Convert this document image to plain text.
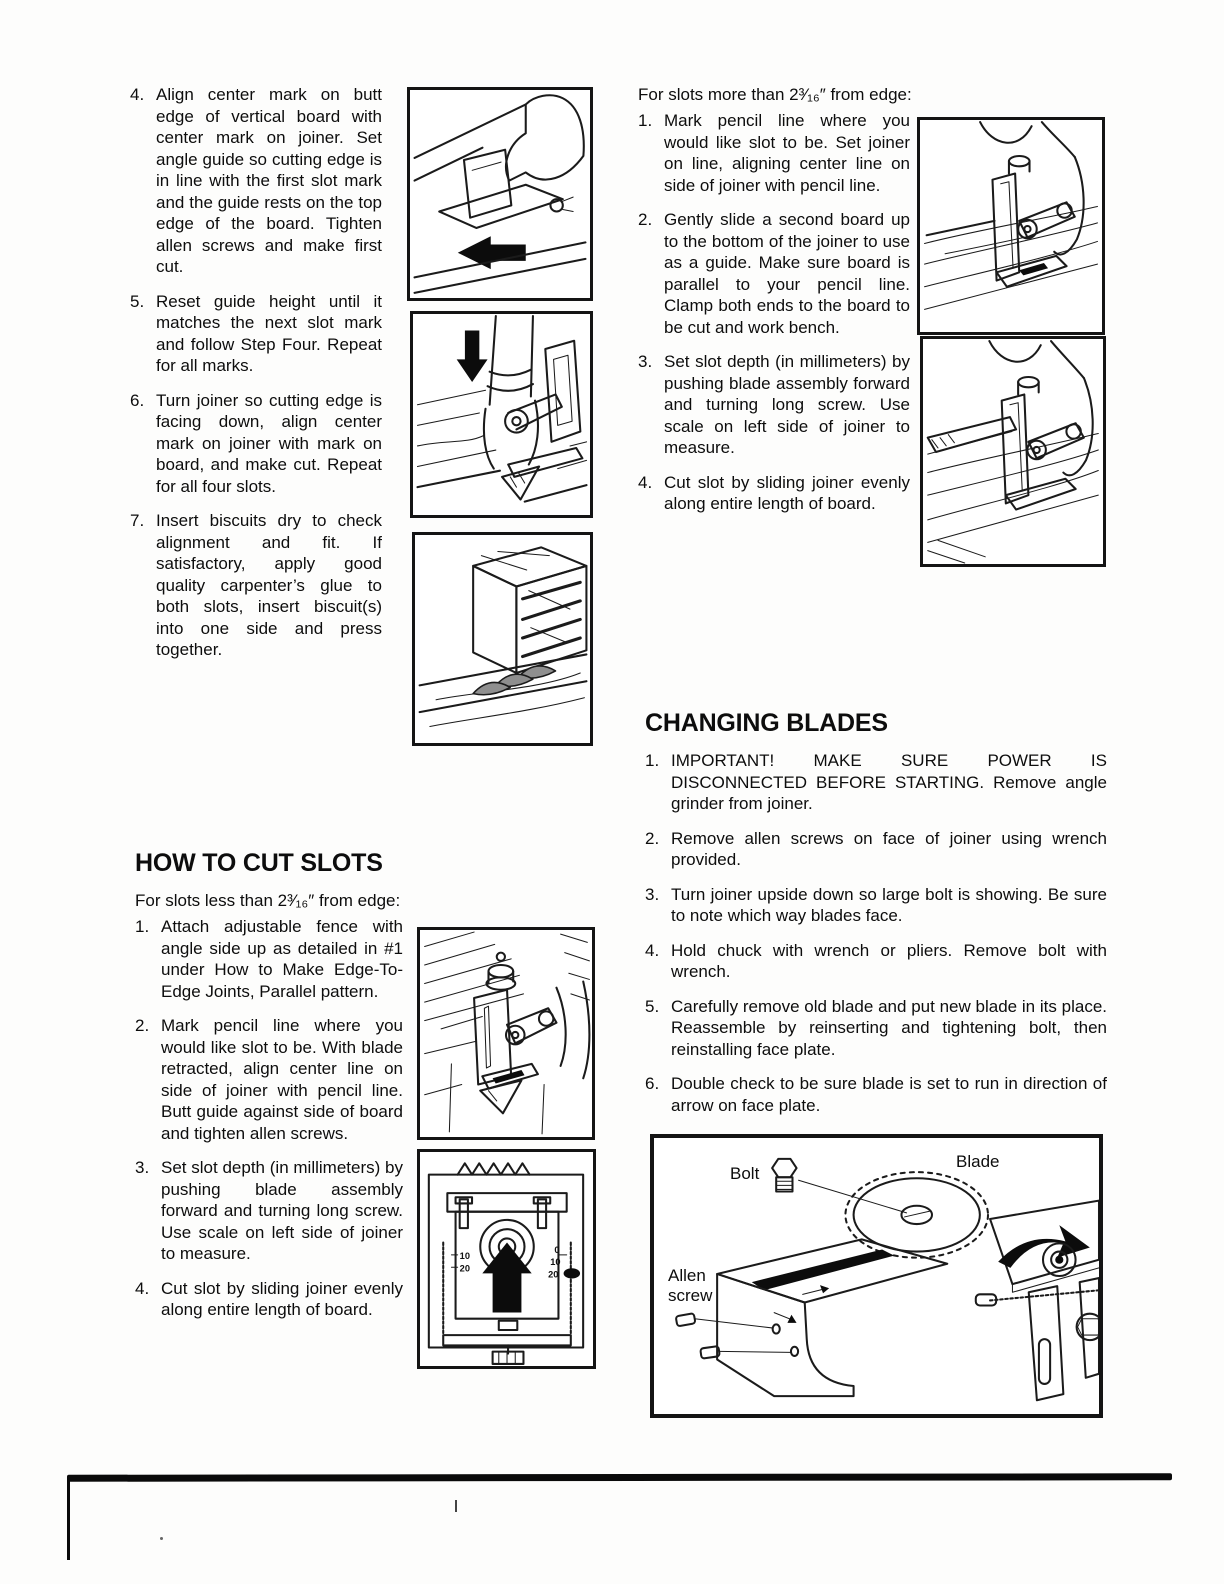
4. Align center mark on butt edge of vertical board with center mark on joiner. Set angle guide so cutting edge is in line with the first slot mark and the guide rests on the top edge of the board. Tighten allen screws and make first cut.
5. Reset guide height until it matches the next slot mark and follow Step Four. Repeat for all marks.
6. Turn joiner so cutting edge is facing down, align center mark on joiner with mark on board, and make cut. Repeat for all four slots.
7. Insert biscuits dry to check alignment and fit. If satisfactory, apply good quality carpenter’s glue to both slots, insert biscuit(s) into one side and press together.

For slots more than 2³⁄₁₆″ from edge:

1. Mark pencil line where you would like slot to be. Set joiner on line, aligning center line on side of joiner with pencil line.
2. Gently slide a second board up to the bottom of the joiner to use as a guide. Make sure board is parallel to your pencil line. Clamp both ends to the board to be cut and work bench.
3. Set slot depth (in millimeters) by pushing blade assembly forward and turning long screw. Use scale on left side of joiner to measure.
4. Cut slot by sliding joiner evenly along entire length of board.
CHANGING BLADES
1. IMPORTANT! MAKE SURE POWER IS DISCONNECTED BEFORE STARTING. Remove angle grinder from joiner.
2. Remove allen screws on face of joiner using wrench provided.
3. Turn joiner upside down so large bolt is showing. Be sure to note which way blades face.
4. Hold chuck with wrench or pliers. Remove bolt with wrench.
5. Carefully remove old blade and put new blade in its place. Reassemble by reinserting and tightening bolt, then reinstalling face plate.
6. Double check to be sure blade is set to run in direction of arrow on face plate.
HOW TO CUT SLOTS

For slots less than 2³⁄₁₆″ from edge:

1. Attach adjustable fence with angle side up as detailed in #1 under How to Make Edge-To-Edge Joints, Parallel pattern.
2. Mark pencil line where you would like slot to be. With blade retracted, align center line on side of joiner with pencil line. Butt guide against side of board and tighten allen screws.
3. Set slot depth (in millimeters) by pushing blade assembly forward and turning long screw. Use scale on left side of joiner to measure.
4. Cut slot by sliding joiner evenly along entire length of board.
10
20
0
10
20
Bolt
Blade
Allen screw
